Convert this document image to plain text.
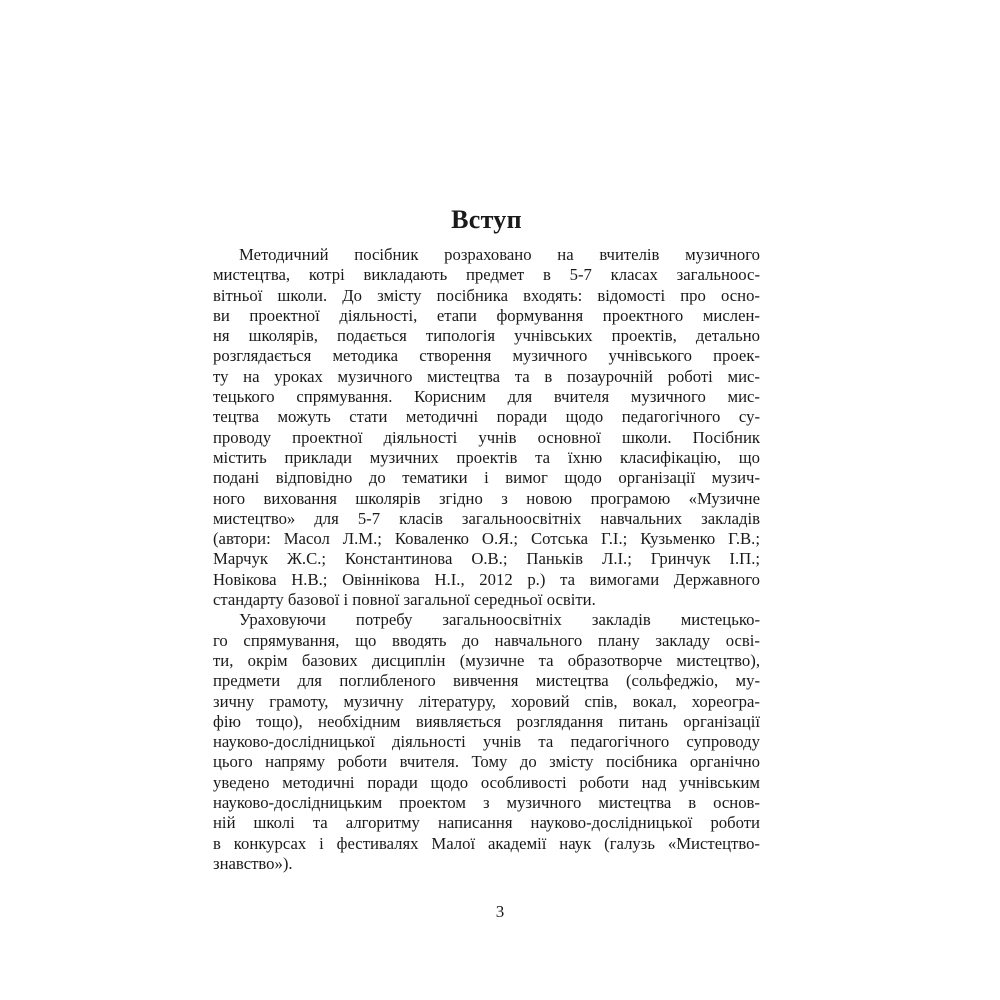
Вступ
Методичний посібник розраховано на вчителів музичного
мистецтва, котрі викладають предмет в 5-7 класах загальноос-
вітньої школи. До змісту посібника входять: відомості про осно-
ви проектної діяльності, етапи формування проектного мислен-
ня школярів, подається типологія учнівських проектів, детально
розглядається методика створення музичного учнівського проек-
ту на уроках музичного мистецтва та в позаурочній роботі мис-
тецького спрямування. Корисним для вчителя музичного мис-
тецтва можуть стати методичні поради щодо педагогічного су-
проводу проектної діяльності учнів основної школи. Посібник
містить приклади музичних проектів та їхню класифікацію, що
подані відповідно до тематики і вимог щодо організації музич-
ного виховання школярів згідно з новою програмою «Музичне
мистецтво» для 5-7 класів загальноосвітніх навчальних закладів
(автори: Масол Л.М.; Коваленко О.Я.; Сотська Г.І.; Кузьменко Г.В.;
Марчук Ж.С.; Константинова О.В.; Паньків Л.І.; Гринчук І.П.;
Новікова Н.В.; Овіннікова Н.І., 2012 р.) та вимогами Державного
стандарту базової і повної загальної середньої освіти.
Ураховуючи потребу загальноосвітніх закладів мистецько-
го спрямування, що вводять до навчального плану закладу осві-
ти, окрім базових дисциплін (музичне та образотворче мистецтво),
предмети для поглибленого вивчення мистецтва (сольфеджіо, му-
зичну грамоту, музичну літературу, хоровий спів, вокал, хореогра-
фію тощо), необхідним виявляється розглядання питань організації
науково-дослідницької діяльності учнів та педагогічного супроводу
цього напряму роботи вчителя. Тому до змісту посібника органічно
уведено методичні поради щодо особливості роботи над учнівським
науково-дослідницьким проектом з музичного мистецтва в основ-
ній школі та алгоритму написання науково-дослідницької роботи
в конкурсах і фестивалях Малої академії наук (галузь «Мистецтво-
знавство»).
3
